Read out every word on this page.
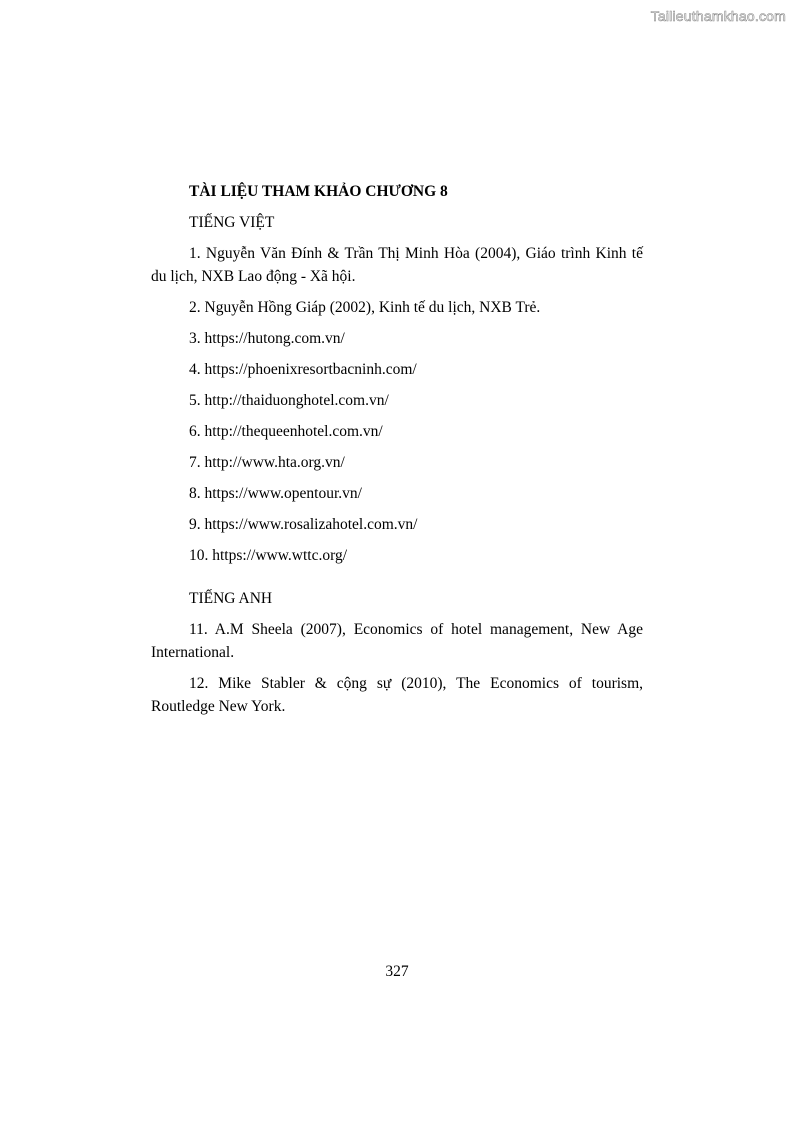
Tailieuthamkhao.com

TÀI LIỆU THAM KHẢO CHƯƠNG 8

TIẾNG VIỆT

1. Nguyễn Văn Đính & Trần Thị Minh Hòa (2004), Giáo trình Kinh tế du lịch, NXB Lao động - Xã hội.

2. Nguyễn Hồng Giáp (2002), Kinh tế du lịch, NXB Trẻ.

3. https://hutong.com.vn/

4. https://phoenixresortbacninh.com/

5. http://thaiduonghotel.com.vn/

6. http://thequeenhotel.com.vn/

7. http://www.hta.org.vn/

8. https://www.opentour.vn/

9. https://www.rosalizahotel.com.vn/

10. https://www.wttc.org/

TIẾNG ANH

11. A.M Sheela (2007), Economics of hotel management, New Age International.

12. Mike Stabler & cộng sự (2010), The Economics of tourism, Routledge New York.

327
